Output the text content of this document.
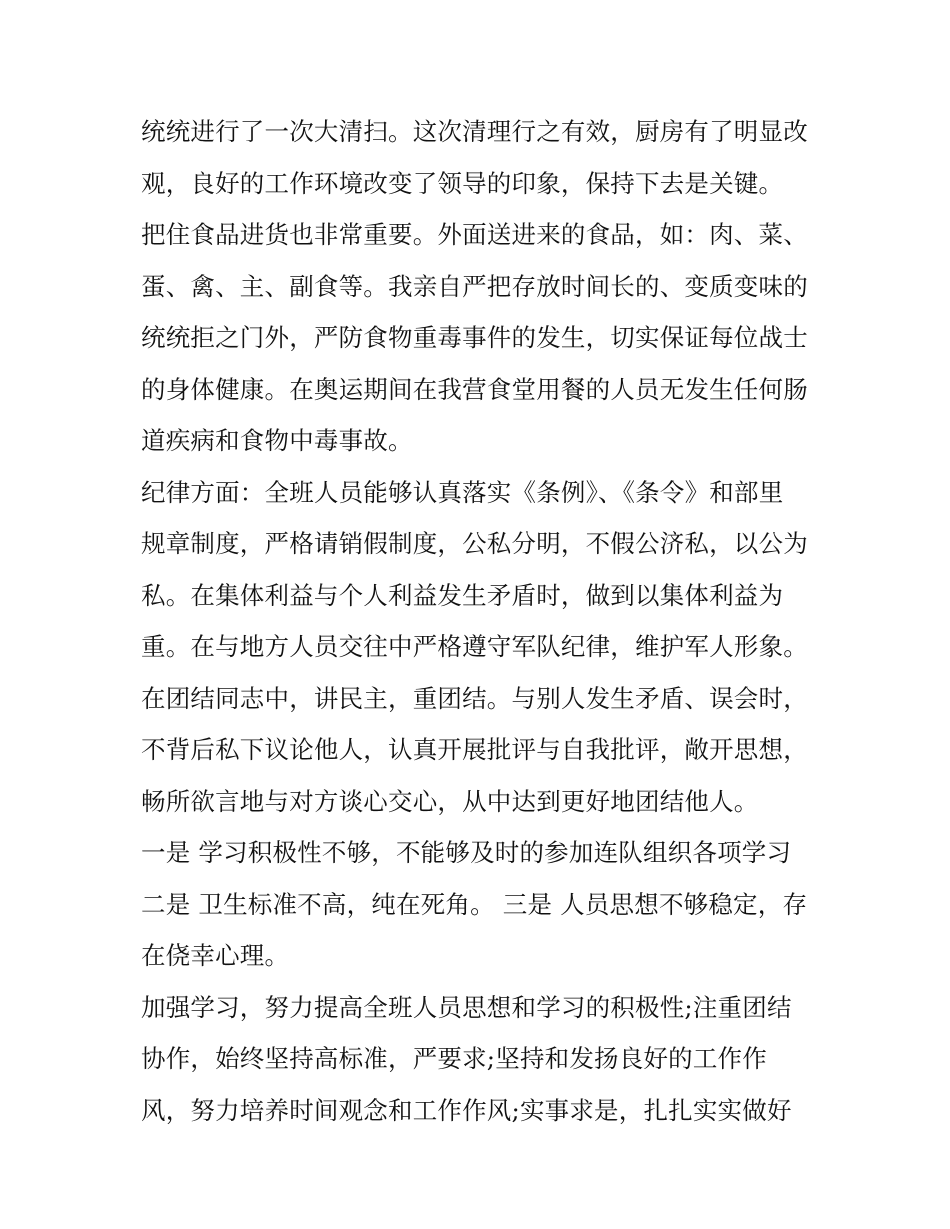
统统进行了一次大清扫。这次清理行之有效，厨房有了明显改
观，良好的工作环境改变了领导的印象，保持下去是关键。
把住食品进货也非常重要。外面送进来的食品，如：肉、菜、
蛋、禽、主、副食等。我亲自严把存放时间长的、变质变味的
统统拒之门外，严防食物重毒事件的发生，切实保证每位战士
的身体健康。在奥运期间在我营食堂用餐的人员无发生任何肠
道疾病和食物中毒事故。
纪律方面：全班人员能够认真落实《条例》、《条令》和部里
规章制度，严格请销假制度，公私分明，不假公济私，以公为
私。在集体利益与个人利益发生矛盾时，做到以集体利益为
重。在与地方人员交往中严格遵守军队纪律，维护军人形象。
在团结同志中，讲民主，重团结。与别人发生矛盾、误会时，
不背后私下议论他人，认真开展批评与自我批评，敞开思想，
畅所欲言地与对方谈心交心，从中达到更好地团结他人。
一是 学习积极性不够，不能够及时的参加连队组织各项学习
二是 卫生标准不高，纯在死角。 三是 人员思想不够稳定，存
在侥幸心理。
加强学习，努力提高全班人员思想和学习的积极性;注重团结
协作，始终坚持高标准，严要求;坚持和发扬良好的工作作
风，努力培养时间观念和工作作风;实事求是，扎扎实实做好
